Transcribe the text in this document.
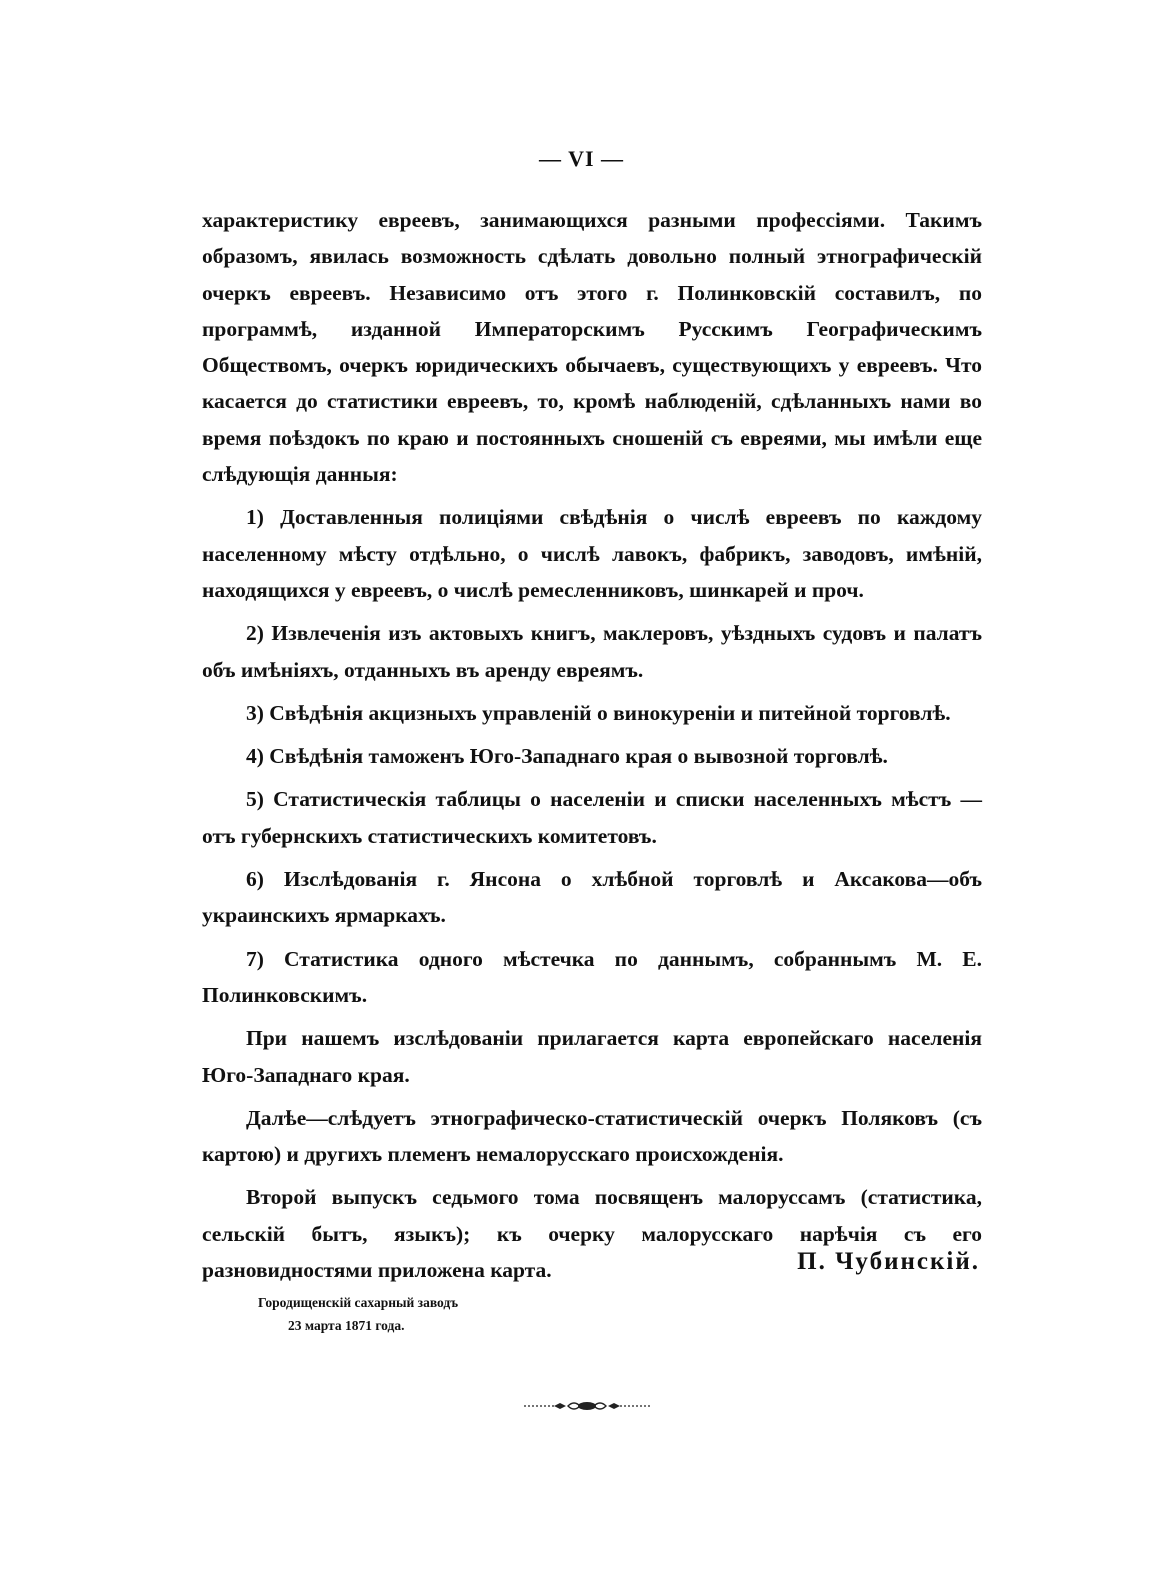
— VI —

характеристику евреевъ, занимающихся разными профессіями. Такимъ образомъ, явилась возможность сдѣлать довольно полный этнографическій очеркъ евреевъ. Независимо отъ этого г. Полинковскій составилъ, по программѣ, изданной Императорскимъ Русскимъ Географическимъ Обществомъ, очеркъ юридическихъ обычаевъ, существующихъ у евреевъ. Что касается до статистики евреевъ, то, кромѣ наблюденій, сдѣланныхъ нами во время поѣздокъ по краю и постоянныхъ сношеній съ евреями, мы имѣли еще слѣдующія данныя:

1) Доставленныя полиціями свѣдѣнія о числѣ евреевъ по каждому населенному мѣсту отдѣльно, о числѣ лавокъ, фабрикъ, заводовъ, имѣній, находящихся у евреевъ, о числѣ ремесленниковъ, шинкарей и проч.

2) Извлеченія изъ актовыхъ книгъ, маклеровъ, уѣздныхъ судовъ и палатъ объ имѣніяхъ, отданныхъ въ аренду евреямъ.

3) Свѣдѣнія акцизныхъ управленій о винокуреніи и питейной торговлѣ.

4) Свѣдѣнія таможенъ Юго-Западнаго края о вывозной торговлѣ.

5) Статистическія таблицы о населеніи и списки населенныхъ мѣстъ — отъ губернскихъ статистическихъ комитетовъ.

6) Изслѣдованія г. Янсона о хлѣбной торговлѣ и Аксакова—объ украинскихъ ярмаркахъ.

7) Статистика одного мѣстечка по даннымъ, собраннымъ М. Е. Полинковскимъ.

При нашемъ изслѣдованіи прилагается карта европейскаго населенія Юго-Западнаго края.

Далѣе—слѣдуетъ этнографическо-статистическій очеркъ Поляковъ (съ картою) и другихъ племенъ немалорусскаго происхожденія.

Второй выпускъ седьмого тома посвященъ малоруссамъ (статистика, сельскій бытъ, языкъ); къ очерку малорусскаго нарѣчія съ его разновидностями приложена карта.	П. Чубинскій.
Городищенскій сахарный заводъ
23 марта 1871 года.
